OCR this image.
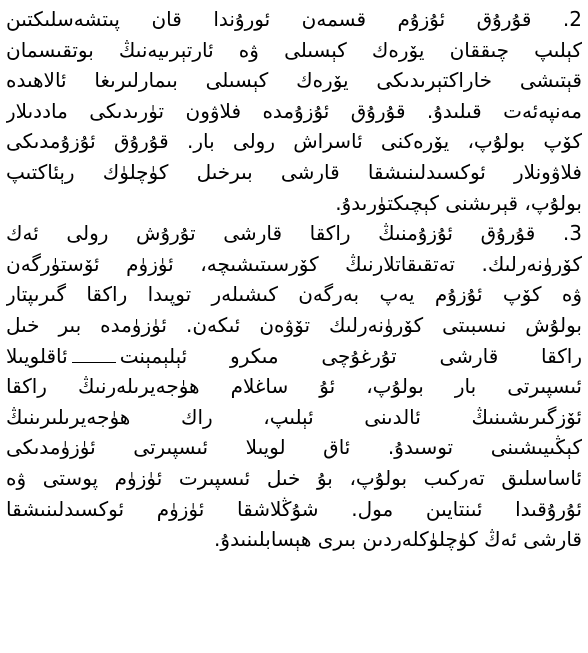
2. قۇرۇق ئۇزۇم قسمەن ئورۇندا قان پىتشەسلىكتىن
كېلىپ چىققان يۆرەك كېسىلى ۋە ئارتېرىيەنىڭ بوتقىسمان
قېتىشى خاراكتېرىدىكى يۆرەك كېسىلى بىمارلىرىغا ئالاھىدە
مەنپەئەت قىلىدۇ. قۇرۇق ئۇزۇمدە فلاۋون تۈرىدىكى ماددىلار
كۆپ بولۇپ، يۆرەكنى ئاسراش رولى بار. قۇرۇق ئۇزۇمدىكى
فلاۋونلار ئوكسىدلىنىشقا قارشى بىرخىل كۈچلۈك رېئاكتىپ
بولۇپ، قېرىشنى كېچىكتۈرىدۇ.
3. قۇرۇق ئۇزۇمنىڭ راكقا قارشى تۇرۇش رولى ئەك
كۆرۈنەرلىك. تەتقىقاتلارنىڭ كۆرسىتىشىچە، ئۈزۈم ئۆستۈرگەن
ۋە كۆپ ئۇزۇم يەپ بەرگەن كىشىلەر توپىدا راكقا گىرىپتار
بولۇش نىسبىتى كۆرۈنەرلىك تۆۋەن ئىكەن. ئۈزۈمدە بىر خىل
راكقا قارشى تۇرغۇچى مىكرو ئېلېمېنتئاقلويىلا
ئىسپىرتى بار بولۇپ، ئۇ ساغلام ھۈجەيرىلەرنىڭ راكقا
ئۆزگىرىشىنىڭ ئالدىنى ئېلىپ، راك ھۈجەيرىلىرىنىڭ
كېڭىيىشىنى توسىدۇ. ئاق لويىلا ئىسپىرتى ئۈزۈمدىكى
ئاساسلىق تەركىب بولۇپ، بۇ خىل ئىسپىرت ئۈزۈم پوستى ۋە
ئۇرۇقىدا ئىنتايىن مول. شۇڭلاشقا ئۈزۈم ئوكسىدلىنىشقا
قارشى ئەڭ كۈچلۈكلەردىن بىرى ھېسابلىنىدۇ.
